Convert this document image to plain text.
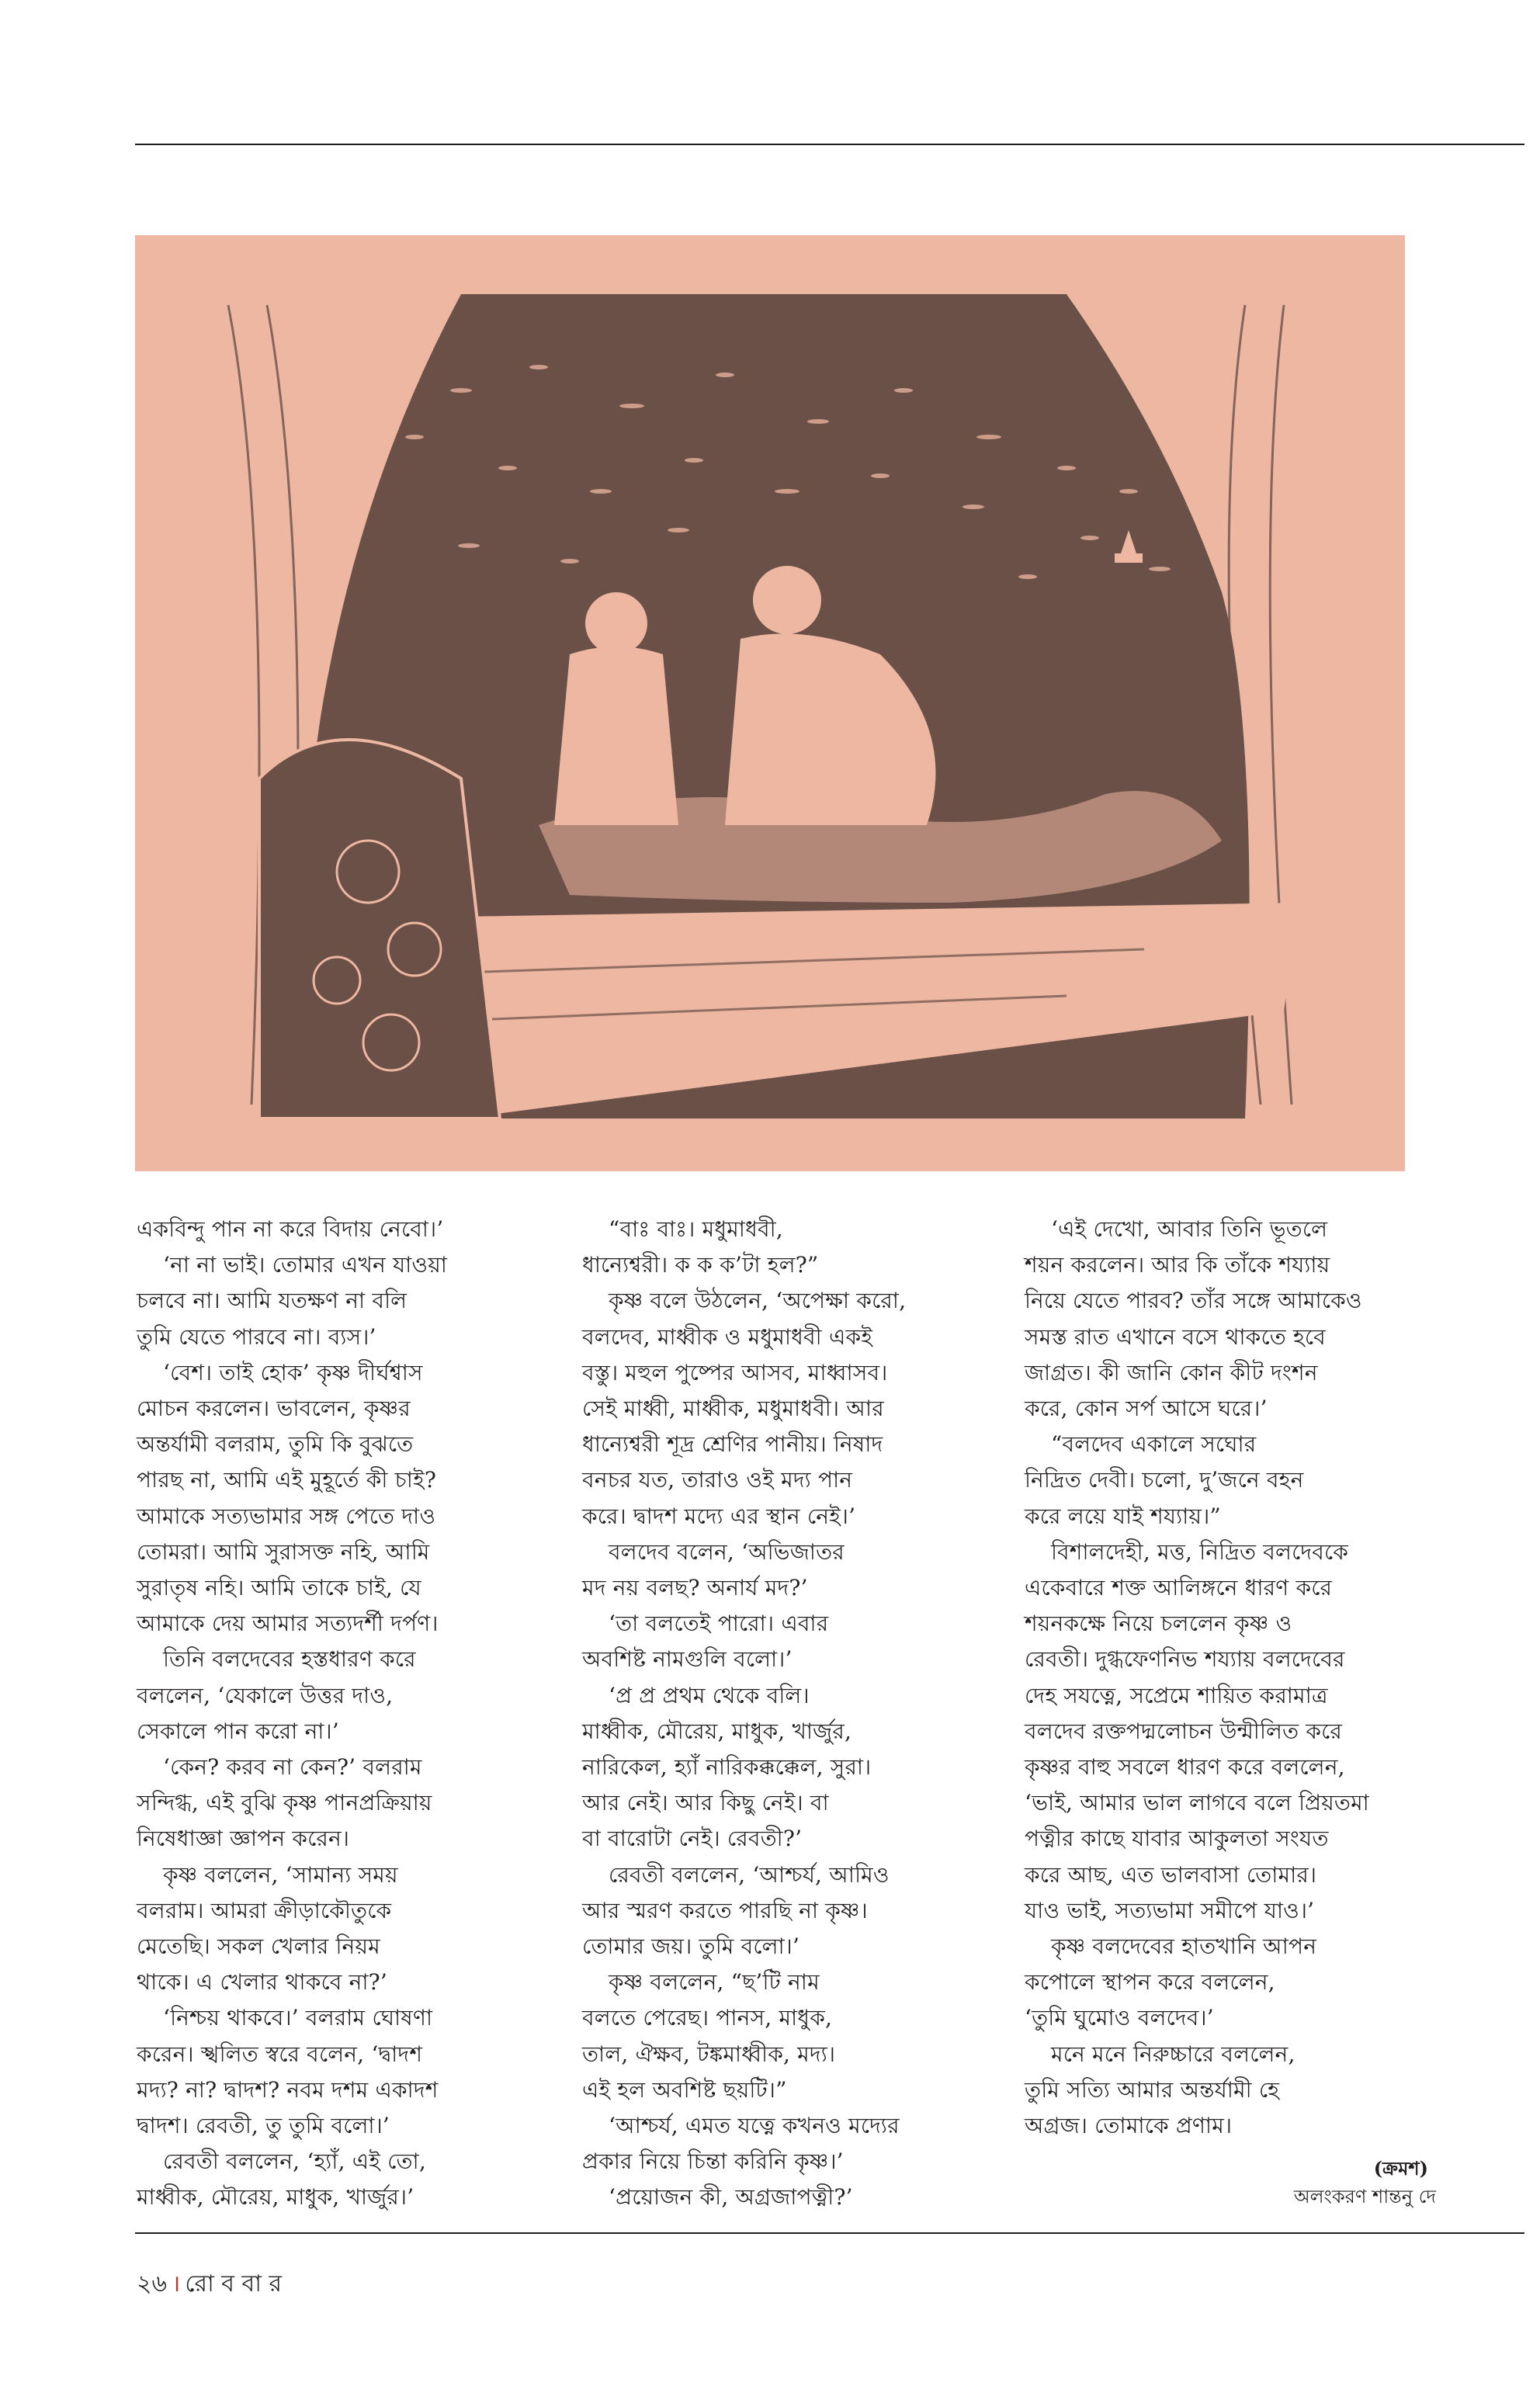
একবিন্দু পান না করে বিদায় নেবো।’

‘না না ভাই। তোমার এখন যাওয়া

চলবে না। আমি যতক্ষণ না বলি

তুমি যেতে পারবে না। ব্যস।’

‘বেশ। তাই হোক’ কৃষ্ণ দীর্ঘশ্বাস

মোচন করলেন। ভাবলেন, কৃষ্ণর

অন্তর্যামী বলরাম, তুমি কি বুঝতে

পারছ না, আমি এই মুহূর্তে কী চাই?

আমাকে সত্যভামার সঙ্গ পেতে দাও

তোমরা। আমি সুরাসক্ত নহি, আমি

সুরাতৃষ নহি। আমি তাকে চাই, যে

আমাকে দেয় আমার সত্যদর্শী দর্পণ।

তিনি বলদেবের হস্তধারণ করে

বললেন, ‘যেকালে উত্তর দাও,

সেকালে পান করো না।’

‘কেন? করব না কেন?’ বলরাম

সন্দিগ্ধ, এই বুঝি কৃষ্ণ পানপ্রক্রিয়ায়

নিষেধাজ্ঞা জ্ঞাপন করেন।

কৃষ্ণ বললেন, ‘সামান্য সময়

বলরাম। আমরা ক্রীড়াকৌতুকে

মেতেছি। সকল খেলার নিয়ম

থাকে। এ খেলার থাকবে না?’

‘নিশ্চয় থাকবে।’ বলরাম ঘোষণা

করেন। স্খলিত স্বরে বলেন, ‘দ্বাদশ

মদ্য? না? দ্বাদশ? নবম দশম একাদশ

দ্বাদশ। রেবতী, তু তুমি বলো।’

রেবতী বললেন, ‘হ্যাঁ, এই তো,

মাধ্বীক, মৌরেয়, মাধুক, খার্জুর।’

“বাঃ বাঃ। মধুমাধবী,

ধান্যেশ্বরী। ক ক ক’টা হল?”

কৃষ্ণ বলে উঠলেন, ‘অপেক্ষা করো,

বলদেব, মাধ্বীক ও মধুমাধবী একই

বস্তু। মহুল পুষ্পের আসব, মাধ্বাসব।

সেই মাধ্বী, মাধ্বীক, মধুমাধবী। আর

ধান্যেশ্বরী শূদ্র শ্রেণির পানীয়। নিষাদ

বনচর যত, তারাও ওই মদ্য পান

করে। দ্বাদশ মদ্যে এর স্থান নেই।’

বলদেব বলেন, ‘অভিজাতর

মদ নয় বলছ? অনার্য মদ?’

‘তা বলতেই পারো। এবার

অবশিষ্ট নামগুলি বলো।’

‘প্র প্র প্রথম থেকে বলি।

মাধ্বীক, মৌরেয়, মাধুক, খার্জুর,

নারিকেল, হ্যাঁ নারিকক্কক্কেল, সুরা।

আর নেই। আর কিছু নেই। বা

বা বারোটা নেই। রেবতী?’

রেবতী বললেন, ‘আশ্চর্য, আমিও

আর স্মরণ করতে পারছি না কৃষ্ণ।

তোমার জয়। তুমি বলো।’

কৃষ্ণ বললেন, “ছ’টি নাম

বলতে পেরেছ। পানস, মাধুক,

তাল, ঐক্ষব, টঙ্কমাধ্বীক, মদ্য।

এই হল অবশিষ্ট ছয়টি।”

‘আশ্চর্য, এমত যত্নে কখনও মদ্যের

প্রকার নিয়ে চিন্তা করিনি কৃষ্ণ।’

‘প্রয়োজন কী, অগ্রজাপত্নী?’

‘এই দেখো, আবার তিনি ভূতলে

শয়ন করলেন। আর কি তাঁকে শয্যায়

নিয়ে যেতে পারব? তাঁর সঙ্গে আমাকেও

সমস্ত রাত এখানে বসে থাকতে হবে

জাগ্রত। কী জানি কোন কীট দংশন

করে, কোন সর্প আসে ঘরে।’

“বলদেব একালে সঘোর

নিদ্রিত দেবী। চলো, দু’জনে বহন

করে লয়ে যাই শয্যায়।”

বিশালদেহী, মত্ত, নিদ্রিত বলদেবকে

একেবারে শক্ত আলিঙ্গনে ধারণ করে

শয়নকক্ষে নিয়ে চললেন কৃষ্ণ ও

রেবতী। দুগ্ধফেণনিভ শয্যায় বলদেবের

দেহ সযত্নে, সপ্রেমে শায়িত করামাত্র

বলদেব রক্তপদ্মলোচন উন্মীলিত করে

কৃষ্ণর বাহু সবলে ধারণ করে বললেন,

‘ভাই, আমার ভাল লাগবে বলে প্রিয়তমা

পত্নীর কাছে যাবার আকুলতা সংযত

করে আছ, এত ভালবাসা তোমার।

যাও ভাই, সত্যভামা সমীপে যাও।’

কৃষ্ণ বলদেবের হাতখানি আপন

কপোলে স্থাপন করে বললেন,

‘তুমি ঘুমোও বলদেব।’

মনে মনে নিরুচ্চারে বললেন,

তুমি সত্যি আমার অন্তর্যামী হে

অগ্রজ। তোমাকে প্রণাম।

(ক্রমশ)
অলংকরণ শান্তনু দে
২৬ । রো ব বা র
